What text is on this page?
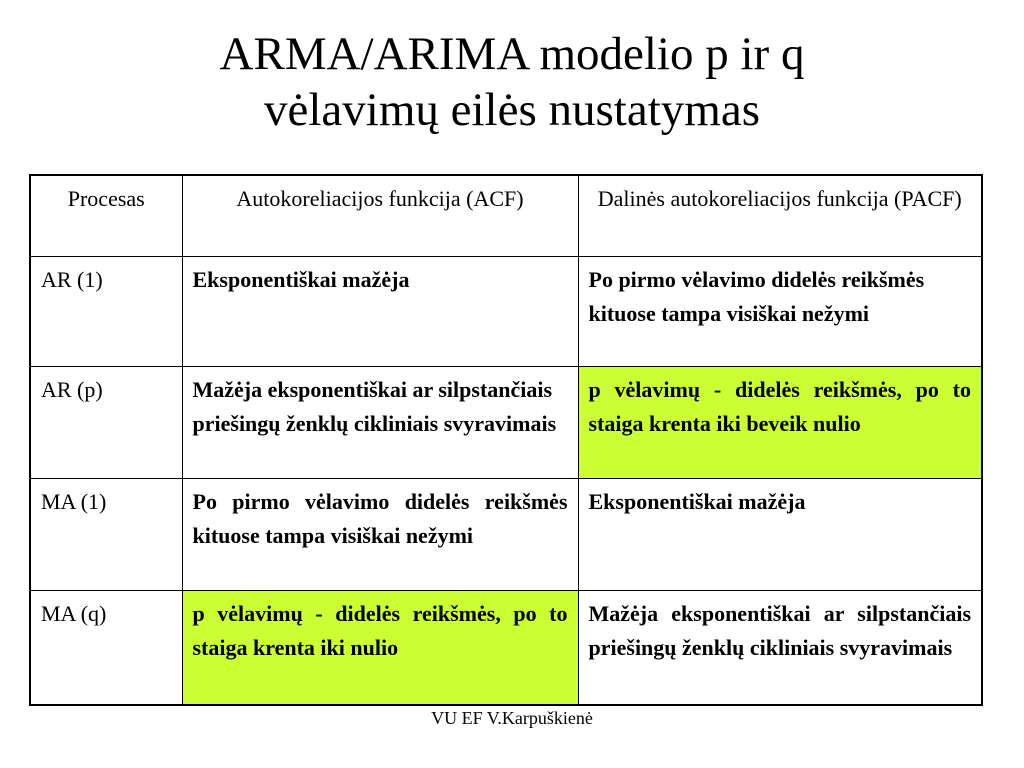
ARMA/ARIMA modelio p ir q
vėlavimų eilės nustatymas
Procesas	Autokoreliacijos funkcija (ACF)	Dalinės autokoreliacijos funkcija (PACF)
AR (1)	Eksponentiškai mažėja	Po pirmo vėlavimo didelės reikšmės kituose tampa visiškai nežymi
AR (p)	Mažėja eksponentiškai ar silpstančiais priešingų ženklų cikliniais svyravimais	p vėlavimų - didelės reikšmės, po to staiga krenta iki beveik nulio
MA (1)	Po pirmo vėlavimo didelės reikšmės kituose tampa visiškai nežymi	Eksponentiškai mažėja
MA (q)	p vėlavimų - didelės reikšmės, po to staiga krenta iki nulio	Mažėja eksponentiškai ar silpstančiais priešingų ženklų cikliniais svyravimais
VU EF V.Karpuškienė
